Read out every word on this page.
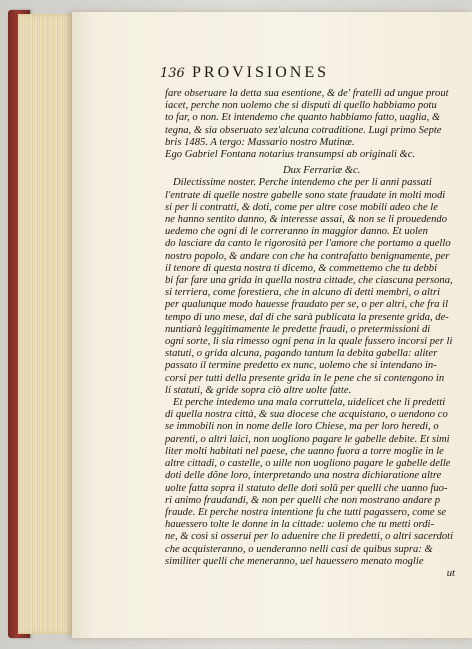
136 PROVISIONES
fare obseruare la detta sua esentione, & de' fratelli ad ungue prout
iacet, perche non uolemo che si disputi di quello habbiamo potu
to far, o non. Et intendemo che quanto habbiamo fatto, uaglia, &
tegna, & sia obseruato sez'alcuna cotraditione. Lugi primo Septe
bris 1485. A tergo: Massario nostro Mutinæ.
Ego Gabriel Fontana notarius transumpsi ab originali &c.
Dux Ferrariæ &c.
Dilectissime noster. Perche intendemo che per li anni passati
l'entrate di quelle nostre gabelle sono state fraudate in molti modi
si per li contratti, & doti, come per altre cose mobili adeo che le
ne hanno sentito danno, & interesse assai, & non se li prouedendo
uedemo che ogni di le correranno in maggior danno. Et uolen
do lasciare da canto le rigorosità per l'amore che portamo a quello
nostro popolo, & andare con che ha contrafatto benignamente, per
il tenore di questa nostra ti dicemo, & commettemo che tu debbi
bi far fare una grida in quella nostra cittade, che ciascuna persona,
si terriera, come forestiera, che in alcuno di detti membri, o altri
per qualunque modo hauesse fraudato per se, o per altri, che fra il
tempo di uno mese, dal di che sarà publicata la presente grida, de-
nuntiarà leggitimamente le predette fraudi, o pretermissioni di
ogni sorte, li sia rimesso ogni pena in la quale fussero incorsi per li
statuti, o grida alcuna, pagando tantum la debita gabella: aliter
passato il termine predetto ex nunc, uolemo che si intendano in-
corsi per tutti della presente grida in le pene che si contengono in
li statuti, & gride sopra ciò altre uolte fatte.
Et perche intedemo una mala corruttela, uidelicet che li predetti
di quella nostra città, & sua diocese che acquistano, o uendono co
se immobili non in nome delle loro Chiese, ma per loro heredi, o
parenti, o altri laici, non uogliono pagare le gabelle debite. Et simi
liter molti habitati nel paese, che uanno fuora a torre moglie in le
altre cittadi, o castelle, o uille non uogliono pagare le gabelle delle
doti delle dõne loro, interpretando una nostra dichiaratione altre
uolte fatta sopra il statuto delle doti solū per quelli che uanno fuo-
ri animo fraudandi, & non per quelli che non mostrano andare p
fraude. Et perche nostra intentione fu che tutti pagassero, come se
hauessero tolte le donne in la cittade: uolemo che tu metti ordi-
ne, & così si osserui per lo aduenire che li predetti, o altri sacerdoti
che acquisteranno, o uenderanno nelli casi de quibus supra: &
similiter quelli che meneranno, uel hauessero menato moglie
ut
